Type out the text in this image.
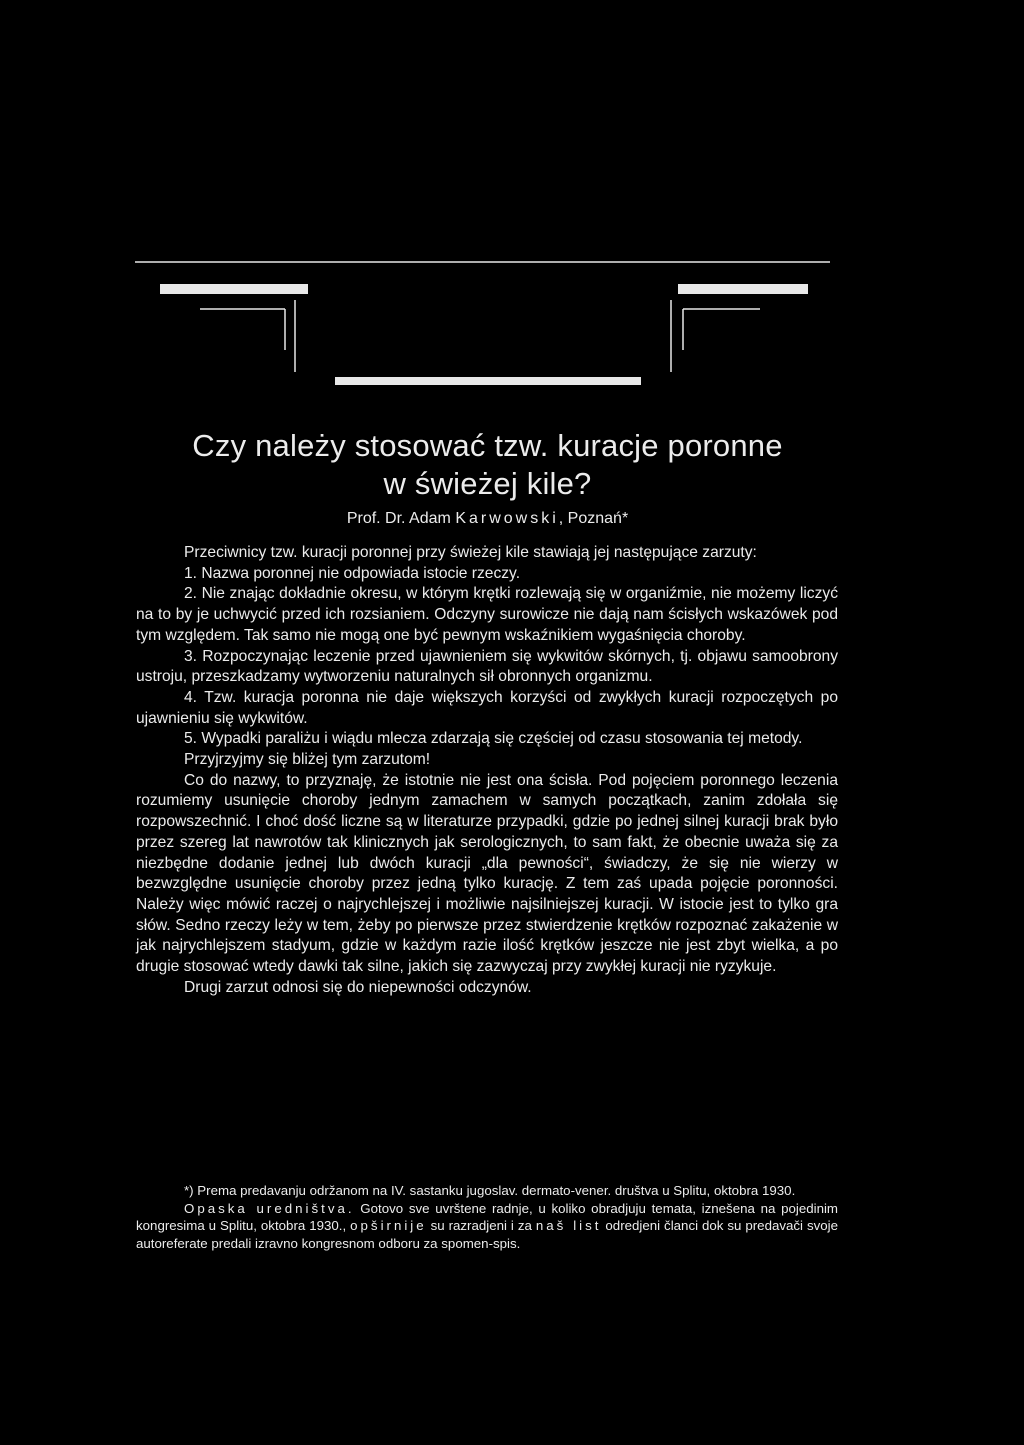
Czy należy stosować tzw. kuracje poronne
w świeżej kile?
Prof. Dr. Adam Karwowski, Poznań*

Przeciwnicy tzw. kuracji poronnej przy świeżej kile stawiają jej następujące zarzuty:

1. Nazwa poronnej nie odpowiada istocie rzeczy.

2. Nie znając dokładnie okresu, w którym krętki rozlewają się w organiźmie, nie możemy liczyć na to by je uchwycić przed ich rozsianiem. Odczyny surowicze nie dają nam ścisłych wskazówek pod tym względem. Tak samo nie mogą one być pewnym wskaźnikiem wygaśnięcia choroby.

3. Rozpoczynając leczenie przed ujawnieniem się wykwitów skórnych, tj. objawu samoobrony ustroju, przeszkadzamy wytworzeniu naturalnych sił obronnych organizmu.

4. Tzw. kuracja poronna nie daje większych korzyści od zwykłych kuracji rozpoczętych po ujawnieniu się wykwitów.

5. Wypadki paraliżu i wiądu mlecza zdarzają się częściej od czasu stosowania tej metody.

Przyjrzyjmy się bliżej tym zarzutom!

Co do nazwy, to przyznaję, że istotnie nie jest ona ścisła. Pod pojęciem poronnego leczenia rozumiemy usunięcie choroby jednym zamachem w samych początkach, zanim zdołała się rozpowszechnić. I choć dość liczne są w literaturze przypadki, gdzie po jednej silnej kuracji brak było przez szereg lat nawrotów tak klinicznych jak serologicznych, to sam fakt, że obecnie uważa się za niezbędne dodanie jednej lub dwóch kuracji „dla pewności“, świadczy, że się nie wierzy w bezwzględne usunięcie choroby przez jedną tylko kurację. Z tem zaś upada pojęcie poronności. Należy więc mówić raczej o najrychlejszej i możliwie najsilniejszej kuracji. W istocie jest to tylko gra słów. Sedno rzeczy leży w tem, żeby po pierwsze przez stwierdzenie krętków rozpoznać zakażenie w jak najrychlejszem stadyum, gdzie w każdym razie ilość krętków jeszcze nie jest zbyt wielka, a po drugie stosować wtedy dawki tak silne, jakich się zazwyczaj przy zwykłej kuracji nie ryzykuje.

Drugi zarzut odnosi się do niepewności odczynów.

*) Prema predavanju održanom na IV. sastanku jugoslav. dermato-vener. društva u Splitu, oktobra 1930.

Opaska uredništva. Gotovo sve uvrštene radnje, u koliko obradjuju temata, iznešena na pojedinim kongresima u Splitu, oktobra 1930., opširnije su razradjeni i za naš list odredjeni članci dok su predavači svoje autoreferate predali izravno kongresnom odboru za spomen-spis.
